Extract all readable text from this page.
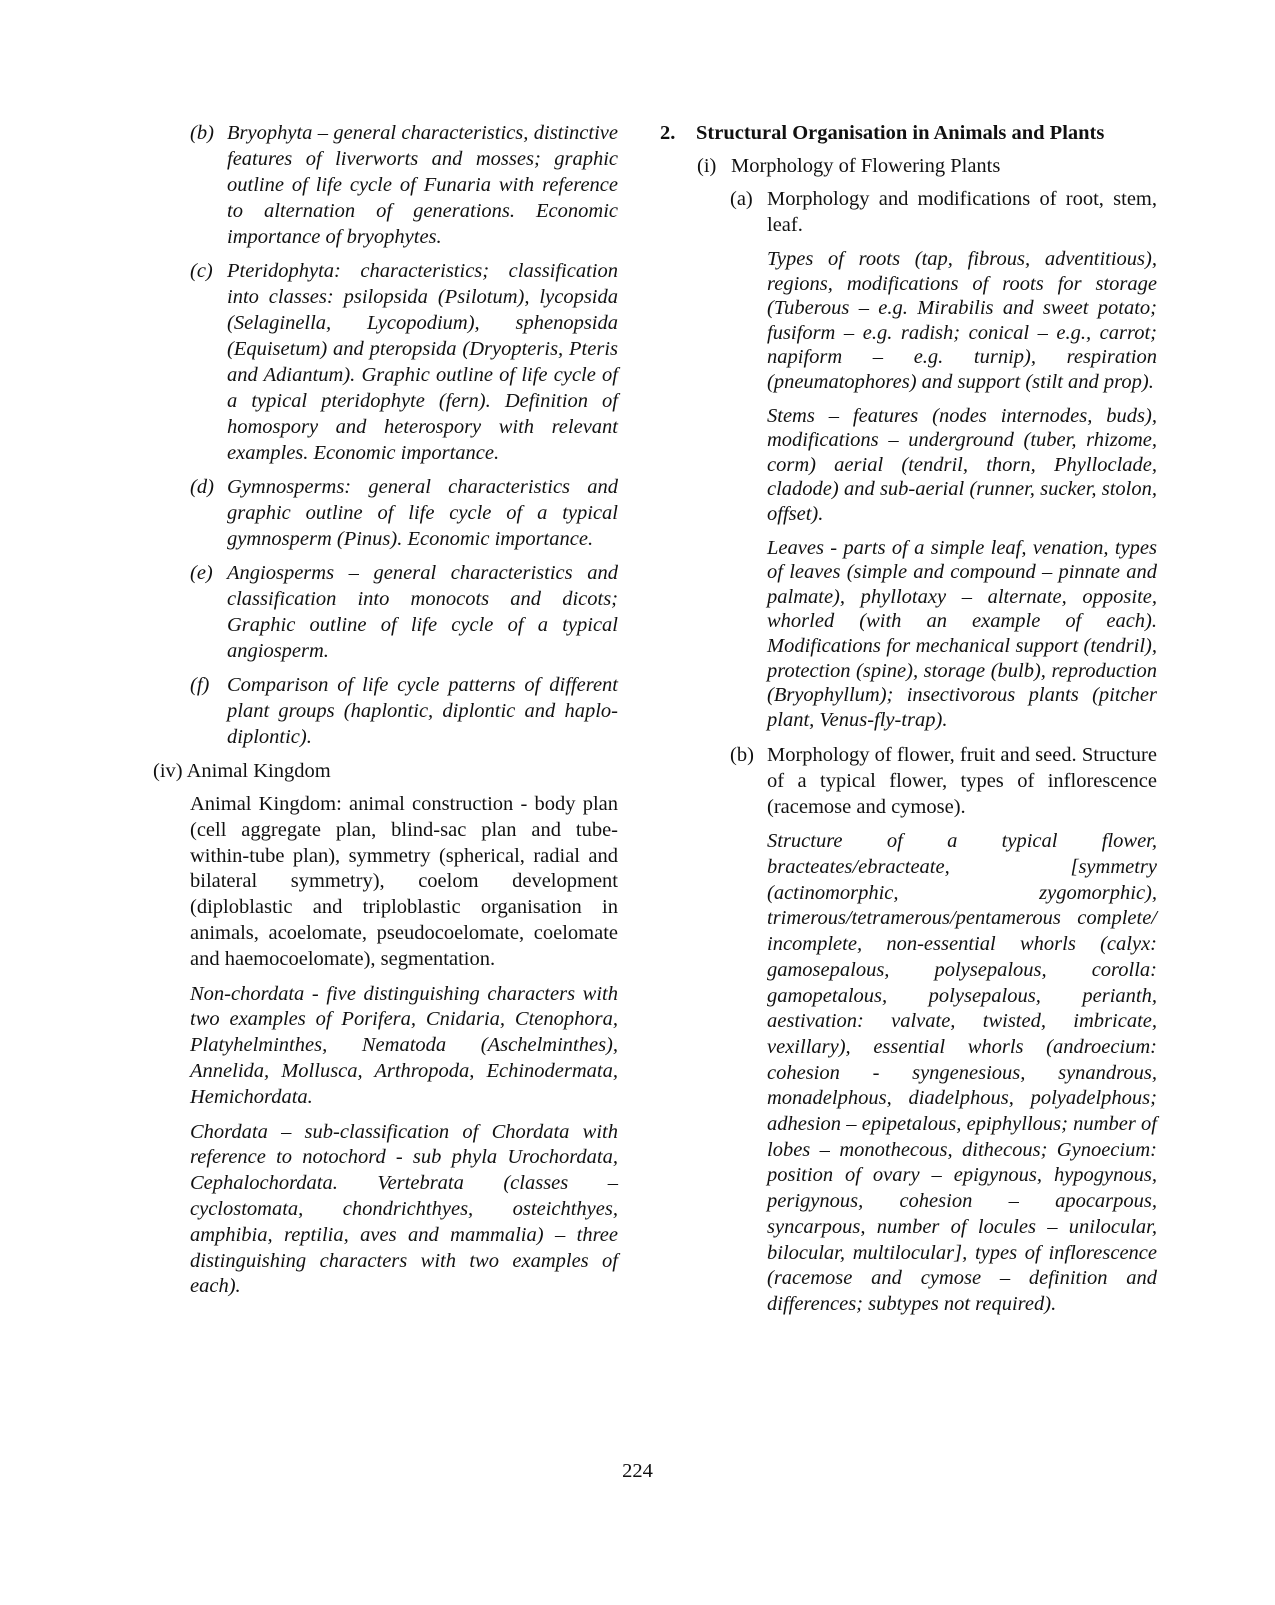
(b) Bryophyta – general characteristics, distinctive features of liverworts and mosses; graphic outline of life cycle of Funaria with reference to alternation of generations. Economic importance of bryophytes.

(c) Pteridophyta: characteristics; classification into classes: psilopsida (Psilotum), lycopsida (Selaginella, Lycopodium), sphenopsida (Equisetum) and pteropsida (Dryopteris, Pteris and Adiantum). Graphic outline of life cycle of a typical pteridophyte (fern). Definition of homospory and heterospory with relevant examples. Economic importance.

(d) Gymnosperms: general characteristics and graphic outline of life cycle of a typical gymnosperm (Pinus). Economic importance.

(e) Angiosperms – general characteristics and classification into monocots and dicots; Graphic outline of life cycle of a typical angiosperm.

(f) Comparison of life cycle patterns of different plant groups (haplontic, diplontic and haplo-diplontic).

(iv) Animal Kingdom

Animal Kingdom: animal construction - body plan (cell aggregate plan, blind-sac plan and tube-within-tube plan), symmetry (spherical, radial and bilateral symmetry), coelom development (diploblastic and triploblastic organisation in animals, acoelomate, pseudocoelomate, coelomate and haemocoelomate), segmentation.

Non-chordata - five distinguishing characters with two examples of Porifera, Cnidaria, Ctenophora, Platyhelminthes, Nematoda (Aschelminthes), Annelida, Mollusca, Arthropoda, Echinodermata, Hemichordata.

Chordata – sub-classification of Chordata with reference to notochord - sub phyla Urochordata, Cephalochordata. Vertebrata (classes – cyclostomata, chondrichthyes, osteichthyes, amphibia, reptilia, aves and mammalia) – three distinguishing characters with two examples of each).

2. Structural Organisation in Animals and Plants
(i) Morphology of Flowering Plants
(a) Morphology and modifications of root, stem, leaf.

Types of roots (tap, fibrous, adventitious), regions, modifications of roots for storage (Tuberous – e.g. Mirabilis and sweet potato; fusiform – e.g. radish; conical – e.g., carrot; napiform – e.g. turnip), respiration (pneumatophores) and support (stilt and prop).

Stems – features (nodes internodes, buds), modifications – underground (tuber, rhizome, corm) aerial (tendril, thorn, Phylloclade, cladode) and sub-aerial (runner, sucker, stolon, offset).

Leaves - parts of a simple leaf, venation, types of leaves (simple and compound – pinnate and palmate), phyllotaxy – alternate, opposite, whorled (with an example of each). Modifications for mechanical support (tendril), protection (spine), storage (bulb), reproduction (Bryophyllum); insectivorous plants (pitcher plant, Venus-fly-trap).

(b) Morphology of flower, fruit and seed. Structure of a typical flower, types of inflorescence (racemose and cymose).

Structure of a typical flower, bracteates/ebracteate, [symmetry (actinomorphic, zygomorphic), trimerous/tetramerous/pentamerous complete/ incomplete, non-essential whorls (calyx: gamosepalous, polysepalous, corolla: gamopetalous, polysepalous, perianth, aestivation: valvate, twisted, imbricate, vexillary), essential whorls (androecium: cohesion - syngenesious, synandrous, monadelphous, diadelphous, polyadelphous; adhesion – epipetalous, epiphyllous; number of lobes – monothecous, dithecous; Gynoecium: position of ovary – epigynous, hypogynous, perigynous, cohesion – apocarpous, syncarpous, number of locules – unilocular, bilocular, multilocular], types of inflorescence (racemose and cymose – definition and differences; subtypes not required).

224
